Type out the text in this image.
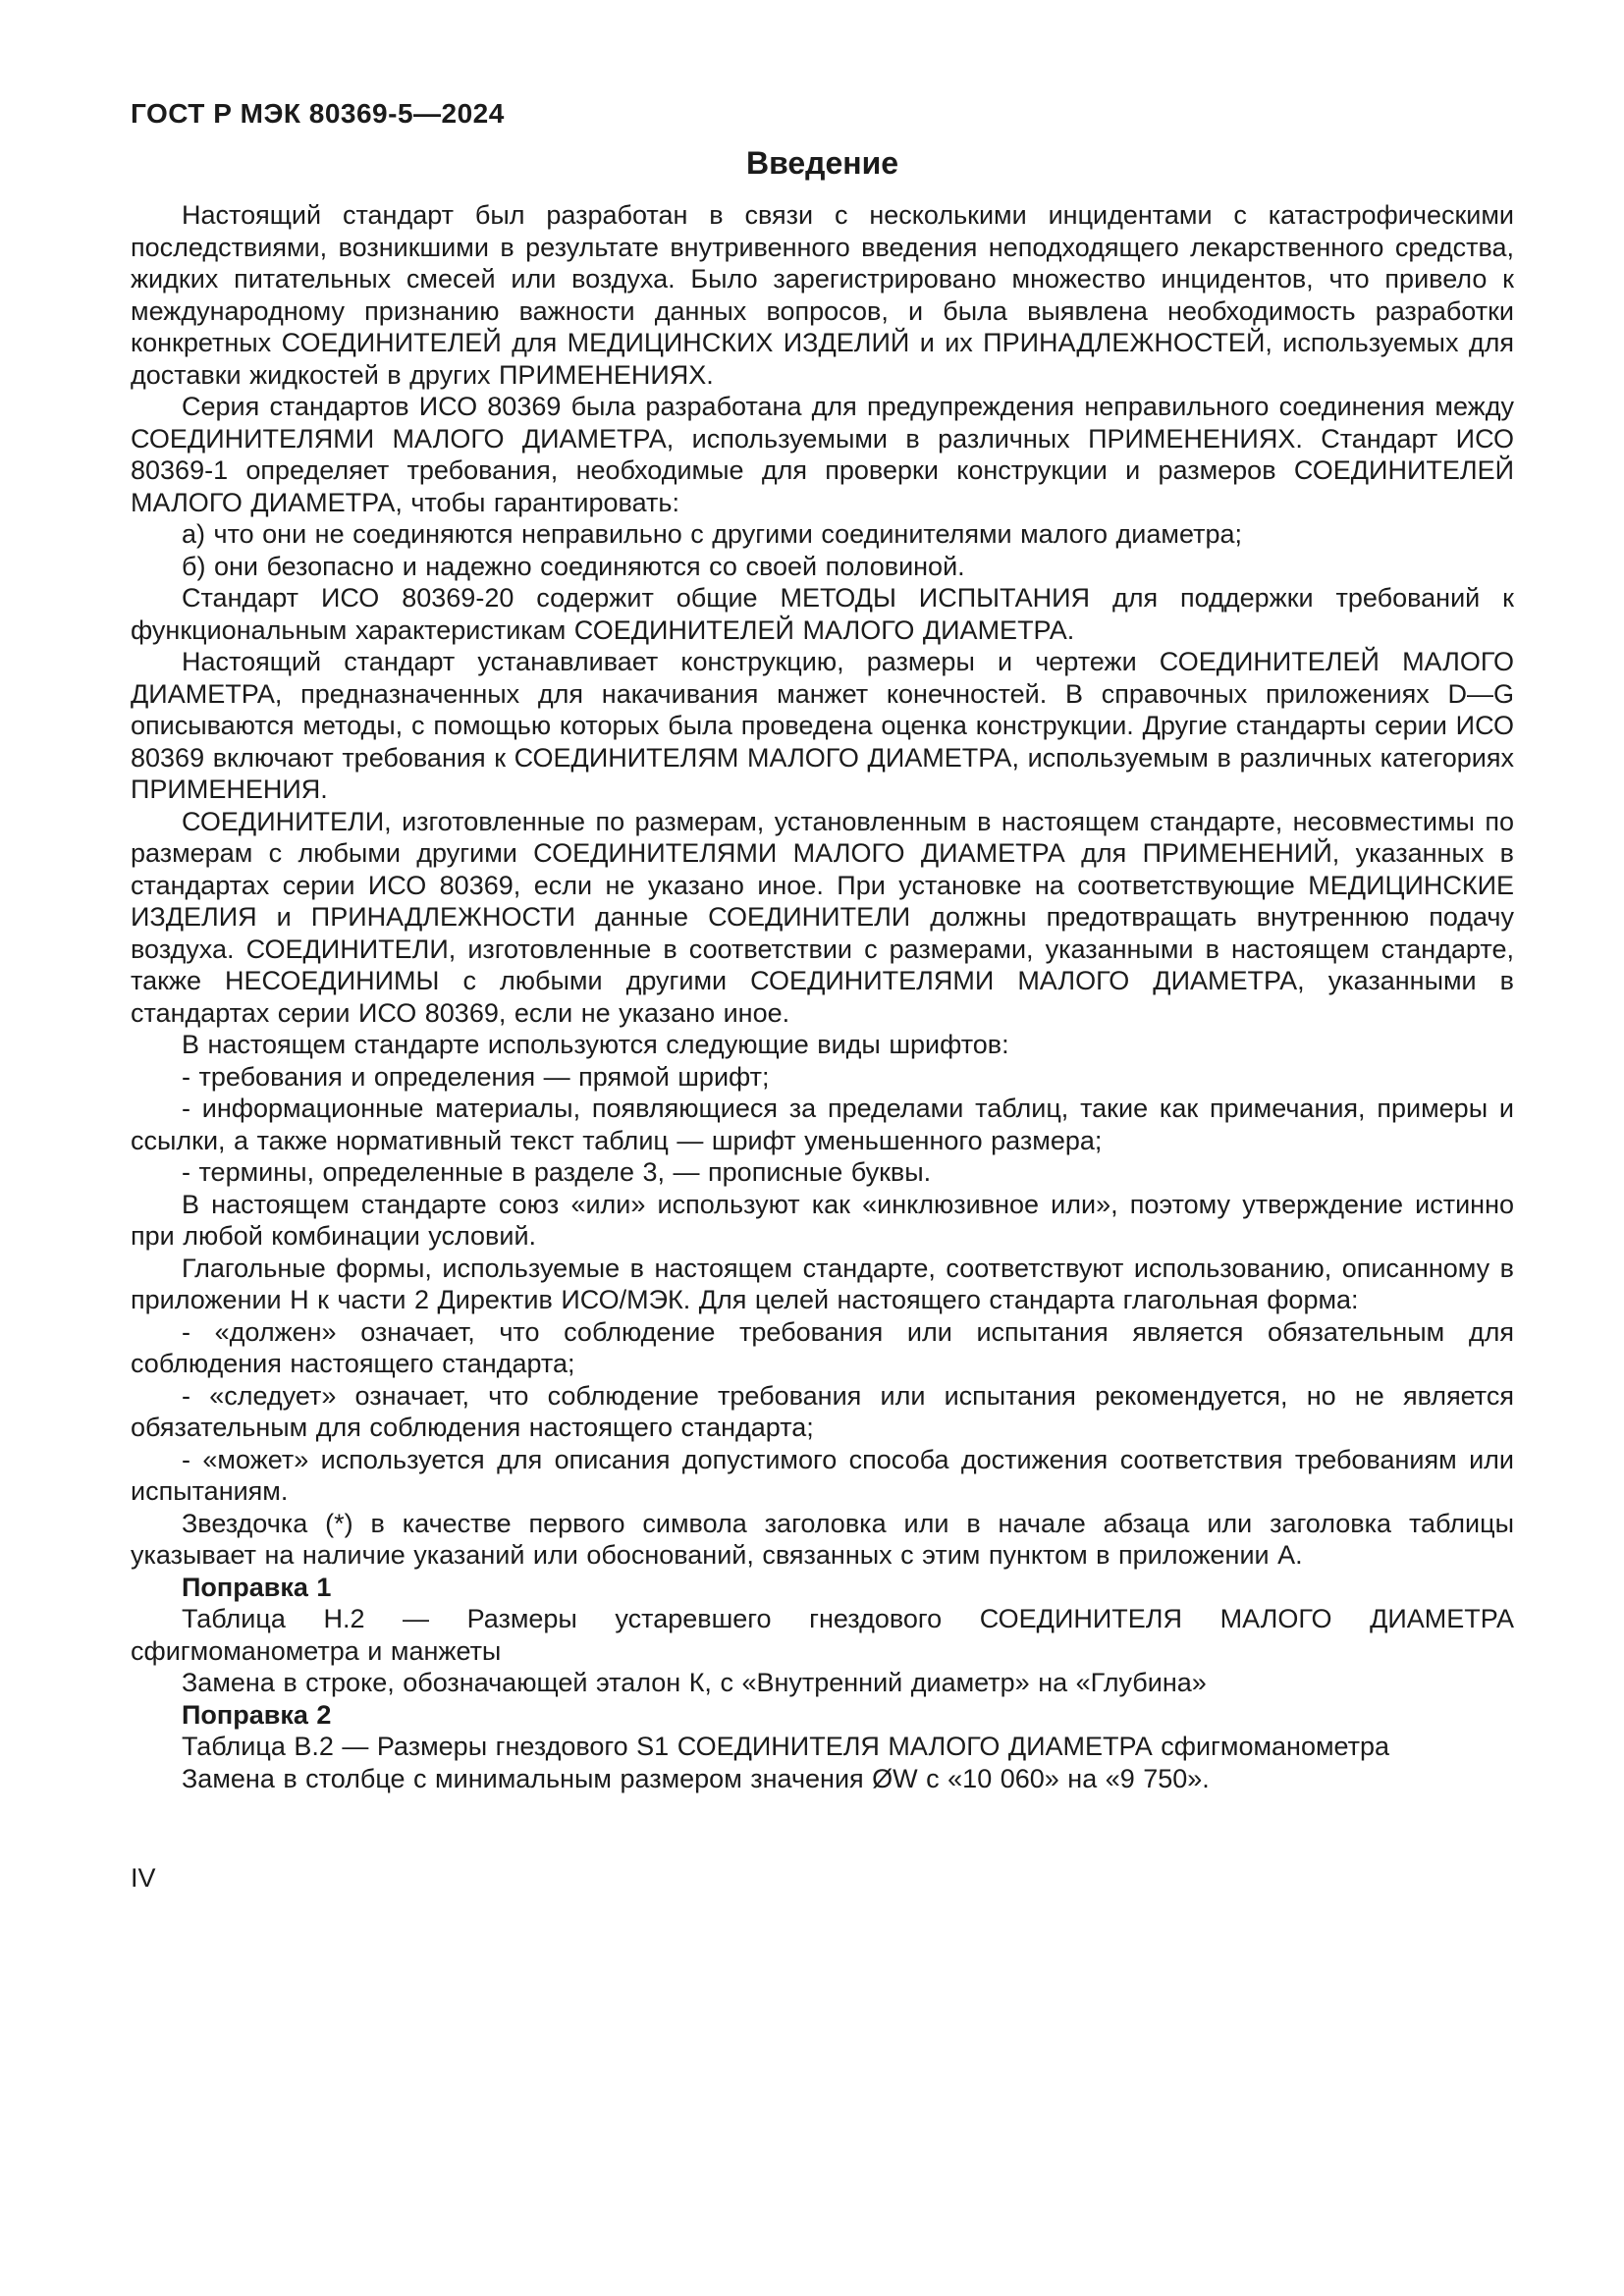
ГОСТ Р МЭК 80369-5—2024
Введение

Настоящий стандарт был разработан в связи с несколькими инцидентами с катастрофическими последствиями, возникшими в результате внутривенного введения неподходящего лекарственного средства, жидких питательных смесей или воздуха. Было зарегистрировано множество инцидентов, что привело к международному признанию важности данных вопросов, и была выявлена необходимость разработки конкретных СОЕДИНИТЕЛЕЙ для МЕДИЦИНСКИХ ИЗДЕЛИЙ и их ПРИНАДЛЕЖНОСТЕЙ, используемых для доставки жидкостей в других ПРИМЕНЕНИЯХ.

Серия стандартов ИСО 80369 была разработана для предупреждения неправильного соединения между СОЕДИНИТЕЛЯМИ МАЛОГО ДИАМЕТРА, используемыми в различных ПРИМЕНЕНИЯХ. Стандарт ИСО 80369-1 определяет требования, необходимые для проверки конструкции и размеров СОЕДИНИТЕЛЕЙ МАЛОГО ДИАМЕТРА, чтобы гарантировать:

а) что они не соединяются неправильно с другими соединителями малого диаметра;

б) они безопасно и надежно соединяются со своей половиной.

Стандарт ИСО 80369-20 содержит общие МЕТОДЫ ИСПЫТАНИЯ для поддержки требований к функциональным характеристикам СОЕДИНИТЕЛЕЙ МАЛОГО ДИАМЕТРА.

Настоящий стандарт устанавливает конструкцию, размеры и чертежи СОЕДИНИТЕЛЕЙ МАЛОГО ДИАМЕТРА, предназначенных для накачивания манжет конечностей. В справочных приложениях D—G описываются методы, с помощью которых была проведена оценка конструкции. Другие стандарты серии ИСО 80369 включают требования к СОЕДИНИТЕЛЯМ МАЛОГО ДИАМЕТРА, используемым в различных категориях ПРИМЕНЕНИЯ.

СОЕДИНИТЕЛИ, изготовленные по размерам, установленным в настоящем стандарте, несовместимы по размерам с любыми другими СОЕДИНИТЕЛЯМИ МАЛОГО ДИАМЕТРА для ПРИМЕНЕНИЙ, указанных в стандартах серии ИСО 80369, если не указано иное. При установке на соответствующие МЕДИЦИНСКИЕ ИЗДЕЛИЯ и ПРИНАДЛЕЖНОСТИ данные СОЕДИНИТЕЛИ должны предотвращать внутреннюю подачу воздуха. СОЕДИНИТЕЛИ, изготовленные в соответствии с размерами, указанными в настоящем стандарте, также НЕСОЕДИНИМЫ с любыми другими СОЕДИНИТЕЛЯМИ МАЛОГО ДИАМЕТРА, указанными в стандартах серии ИСО 80369, если не указано иное.

В настоящем стандарте используются следующие виды шрифтов:

- требования и определения — прямой шрифт;

- информационные материалы, появляющиеся за пределами таблиц, такие как примечания, примеры и ссылки, а также нормативный текст таблиц — шрифт уменьшенного размера;

- термины, определенные в разделе 3, — прописные буквы.

В настоящем стандарте союз «или» используют как «инклюзивное или», поэтому утверждение истинно при любой комбинации условий.

Глагольные формы, используемые в настоящем стандарте, соответствуют использованию, описанному в приложении Н к части 2 Директив ИСО/МЭК. Для целей настоящего стандарта глагольная форма:

- «должен» означает, что соблюдение требования или испытания является обязательным для соблюдения настоящего стандарта;

- «следует» означает, что соблюдение требования или испытания рекомендуется, но не является обязательным для соблюдения настоящего стандарта;

- «может» используется для описания допустимого способа достижения соответствия требованиям или испытаниям.

Звездочка (*) в качестве первого символа заголовка или в начале абзаца или заголовка таблицы указывает на наличие указаний или обоснований, связанных с этим пунктом в приложении А.

Поправка 1

Таблица Н.2 — Размеры устаревшего гнездового СОЕДИНИТЕЛЯ МАЛОГО ДИАМЕТРА сфигмоманометра и манжеты

Замена в строке, обозначающей эталон К, с «Внутренний диаметр» на «Глубина»

Поправка 2

Таблица В.2 — Размеры гнездового S1 СОЕДИНИТЕЛЯ МАЛОГО ДИАМЕТРА сфигмоманометра

Замена в столбце с минимальным размером значения ØW с «10 060» на «9 750».

IV
